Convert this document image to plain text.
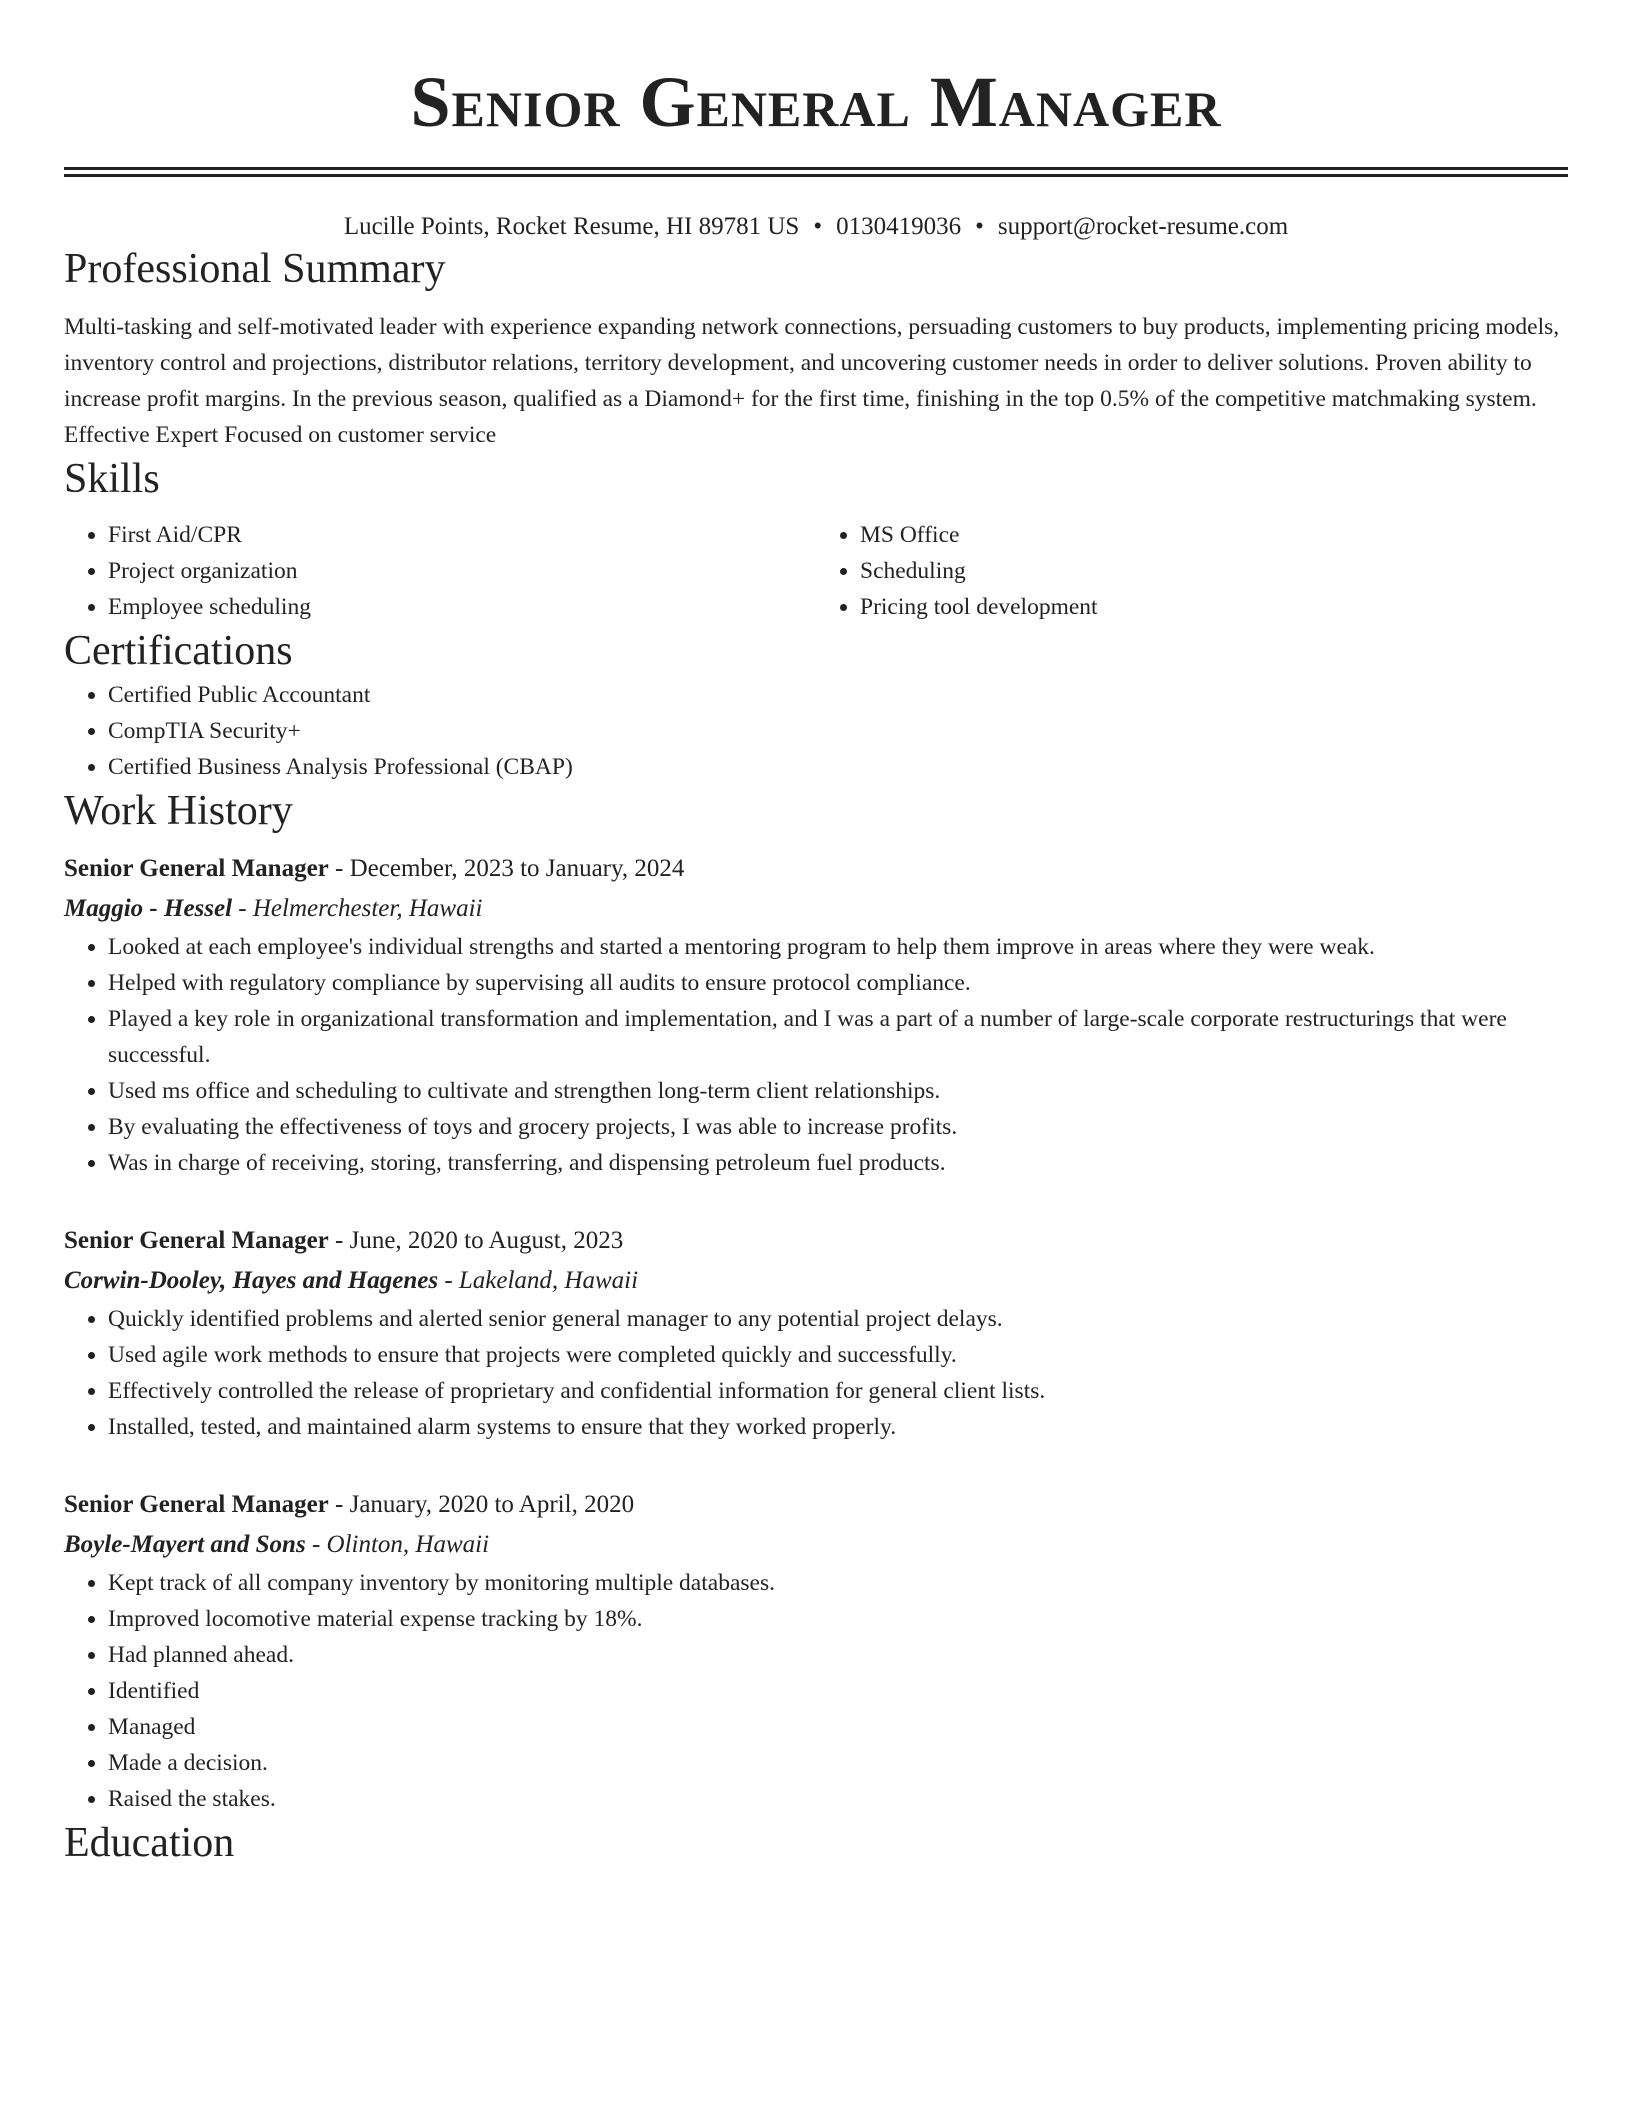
Senior General Manager
Lucille Points, Rocket Resume, HI 89781 US • 0130419036 • support@rocket-resume.com
Professional Summary
Multi-tasking and self-motivated leader with experience expanding network connections, persuading customers to buy products, implementing pricing models, inventory control and projections, distributor relations, territory development, and uncovering customer needs in order to deliver solutions. Proven ability to increase profit margins. In the previous season, qualified as a Diamond+ for the first time, finishing in the top 0.5% of the competitive matchmaking system. Effective Expert Focused on customer service
Skills
• First Aid/CPR
• Project organization
• Employee scheduling
• MS Office
• Scheduling
• Pricing tool development
Certifications
• Certified Public Accountant
• CompTIA Security+
• Certified Business Analysis Professional (CBAP)
Work History
Senior General Manager - December, 2023 to January, 2024
Maggio - Hessel - Helmerchester, Hawaii
• Looked at each employee's individual strengths and started a mentoring program to help them improve in areas where they were weak.
• Helped with regulatory compliance by supervising all audits to ensure protocol compliance.
• Played a key role in organizational transformation and implementation, and I was a part of a number of large-scale corporate restructurings that were successful.
• Used ms office and scheduling to cultivate and strengthen long-term client relationships.
• By evaluating the effectiveness of toys and grocery projects, I was able to increase profits.
• Was in charge of receiving, storing, transferring, and dispensing petroleum fuel products.
Senior General Manager - June, 2020 to August, 2023
Corwin-Dooley, Hayes and Hagenes - Lakeland, Hawaii
• Quickly identified problems and alerted senior general manager to any potential project delays.
• Used agile work methods to ensure that projects were completed quickly and successfully.
• Effectively controlled the release of proprietary and confidential information for general client lists.
• Installed, tested, and maintained alarm systems to ensure that they worked properly.
Senior General Manager - January, 2020 to April, 2020
Boyle-Mayert and Sons - Olinton, Hawaii
• Kept track of all company inventory by monitoring multiple databases.
• Improved locomotive material expense tracking by 18%.
• Had planned ahead.
• Identified
• Managed
• Made a decision.
• Raised the stakes.
Education
